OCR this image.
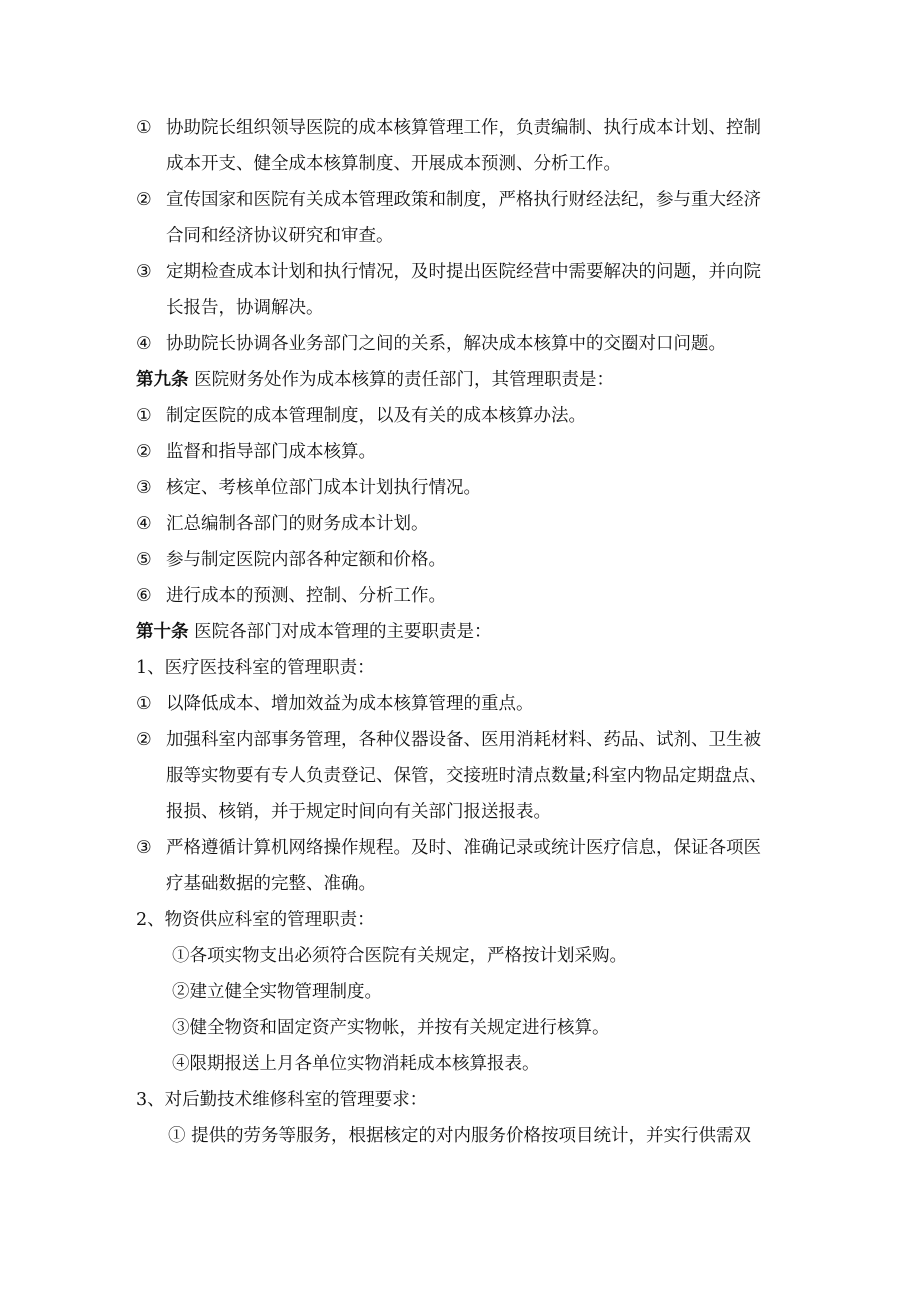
① 协助院长组织领导医院的成本核算管理工作，负责编制、执行成本计划、控制
成本开支、健全成本核算制度、开展成本预测、分析工作。
② 宣传国家和医院有关成本管理政策和制度，严格执行财经法纪，参与重大经济
合同和经济协议研究和审查。
③ 定期检查成本计划和执行情况，及时提出医院经营中需要解决的问题，并向院
长报告，协调解决。
④ 协助院长协调各业务部门之间的关系，解决成本核算中的交圈对口问题。
第九条 医院财务处作为成本核算的责任部门，其管理职责是：
① 制定医院的成本管理制度，以及有关的成本核算办法。
② 监督和指导部门成本核算。
③ 核定、考核单位部门成本计划执行情况。
④ 汇总编制各部门的财务成本计划。
⑤ 参与制定医院内部各种定额和价格。
⑥ 进行成本的预测、控制、分析工作。
第十条 医院各部门对成本管理的主要职责是：
1、医疗医技科室的管理职责：
① 以降低成本、增加效益为成本核算管理的重点。
② 加强科室内部事务管理，各种仪器设备、医用消耗材料、药品、试剂、卫生被
服等实物要有专人负责登记、保管，交接班时清点数量;科室内物品定期盘点、
报损、核销，并于规定时间向有关部门报送报表。
③ 严格遵循计算机网络操作规程。及时、准确记录或统计医疗信息，保证各项医
疗基础数据的完整、准确。
2、物资供应科室的管理职责：
①各项实物支出必须符合医院有关规定，严格按计划采购。
②建立健全实物管理制度。
③健全物资和固定资产实物帐，并按有关规定进行核算。
④限期报送上月各单位实物消耗成本核算报表。
3、对后勤技术维修科室的管理要求：
① 提供的劳务等服务，根据核定的对内服务价格按项目统计，并实行供需双
